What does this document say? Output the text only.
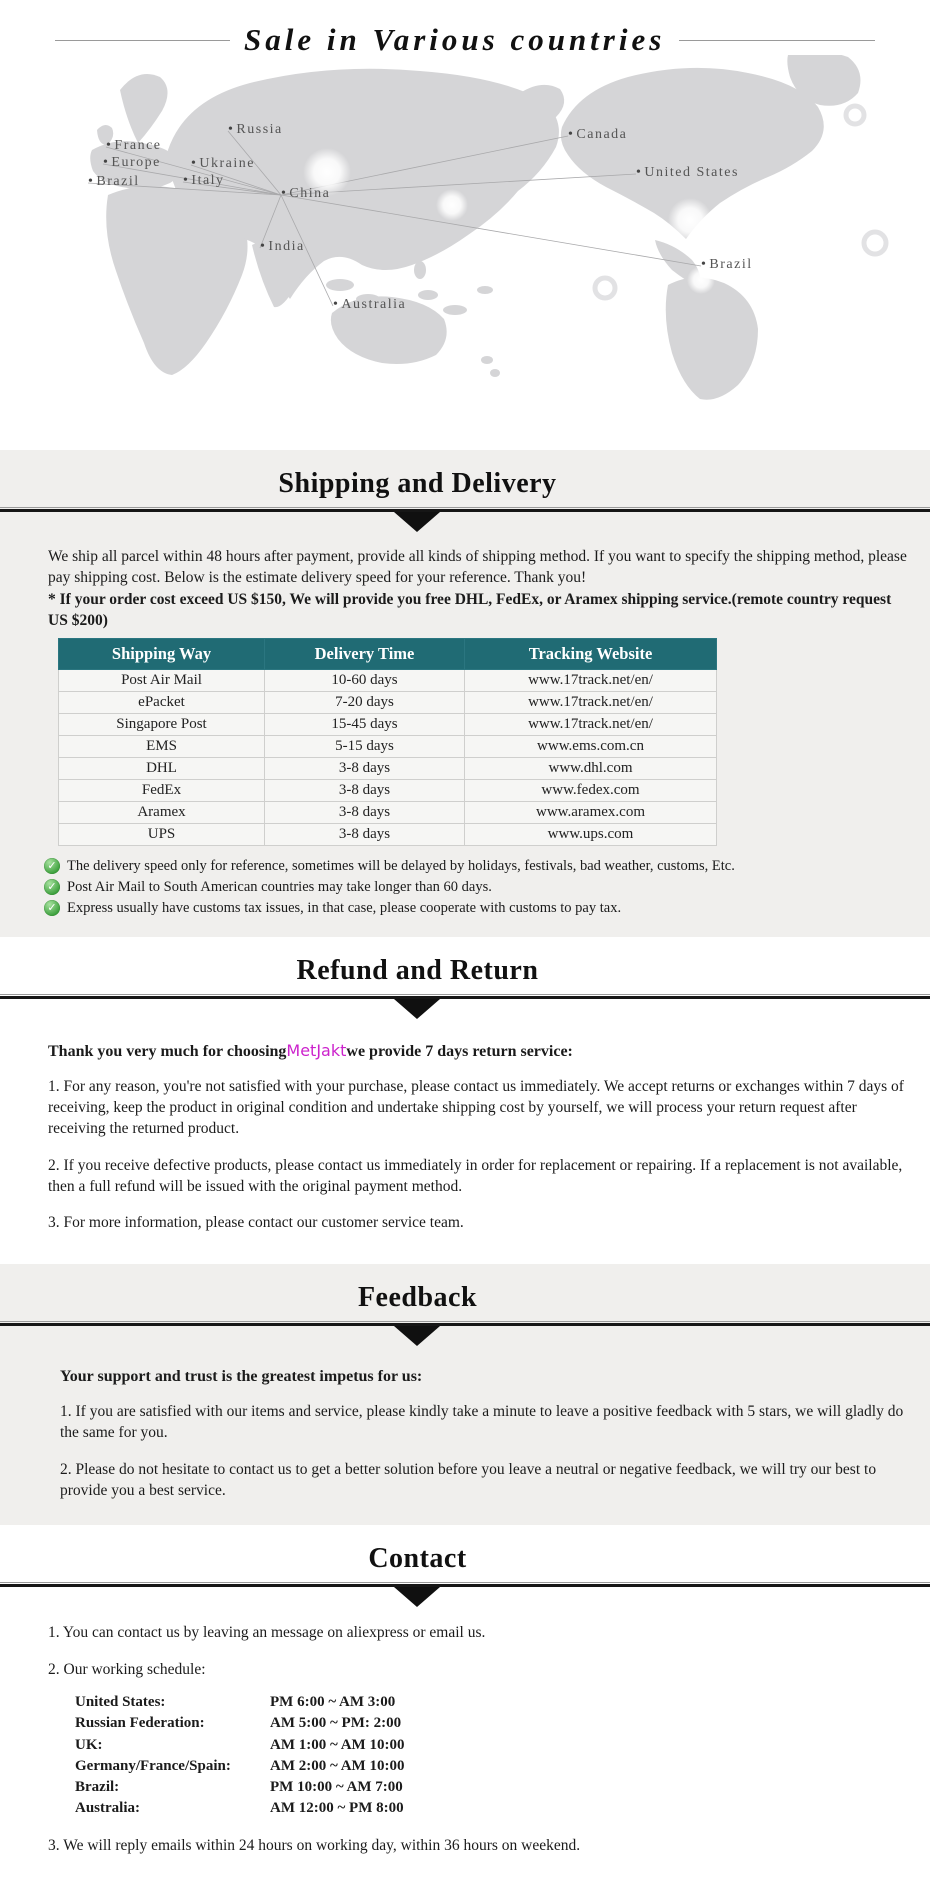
Sale in Various countries
• Russia
• France
• Europe • Ukraine
• Italy
• Brazil
• China
• India
• Australia
• Canada
• United States
• Brazil
Shipping and Delivery

We ship all parcel within 48 hours after payment, provide all kinds of shipping method. If you want to specify the shipping method, please pay shipping cost. Below is the estimate delivery speed for your reference. Thank you!
* If your order cost exceed US $150, We will provide you free DHL, FedEx, or Aramex shipping service.(remote country request US $200)

Shipping Way	Delivery Time	Tracking Website
Post Air Mail	10-60 days	www.17track.net/en/
ePacket	7-20 days	www.17track.net/en/
Singapore Post	15-45 days	www.17track.net/en/
EMS	5-15 days	www.ems.com.cn
DHL	3-8 days	www.dhl.com
FedEx	3-8 days	www.fedex.com
Aramex	3-8 days	www.aramex.com
UPS	3-8 days	www.ups.com
✓ The delivery speed only for reference, sometimes will be delayed by holidays, festivals, bad weather, customs, Etc.
✓ Post Air Mail to South American countries may take longer than 60 days.
✓ Express usually have customs tax issues, in that case, please cooperate with customs to pay tax.
Refund and Return

Thank you very much for choosingMetJaktwe provide 7 days return service:

1. For any reason, you're not satisfied with your purchase, please contact us immediately. We accept returns or exchanges within 7 days of receiving, keep the product in original condition and undertake shipping cost by yourself, we will process your return request after receiving the returned product.

2. If you receive defective products, please contact us immediately in order for replacement or repairing. If a replacement is not available, then a full refund will be issued with the original payment method.

3. For more information, please contact our customer service team.

Feedback

Your support and trust is the greatest impetus for us:

1. If you are satisfied with our items and service, please kindly take a minute to leave a positive feedback with 5 stars, we will gladly do the same for you.

2. Please do not hesitate to contact us to get a better solution before you leave a neutral or negative feedback, we will try our best to provide you a best service.

Contact

1. You can contact us by leaving an message on aliexpress or email us.

2. Our working schedule:

United States:	PM 6:00 ~ AM 3:00
Russian Federation:	AM 5:00 ~ PM: 2:00
UK:	AM 1:00 ~ AM 10:00
Germany/France/Spain:	AM 2:00 ~ AM 10:00
Brazil:	PM 10:00 ~ AM 7:00
Australia:	AM 12:00 ~ PM 8:00

3. We will reply emails within 24 hours on working day, within 36 hours on weekend.
